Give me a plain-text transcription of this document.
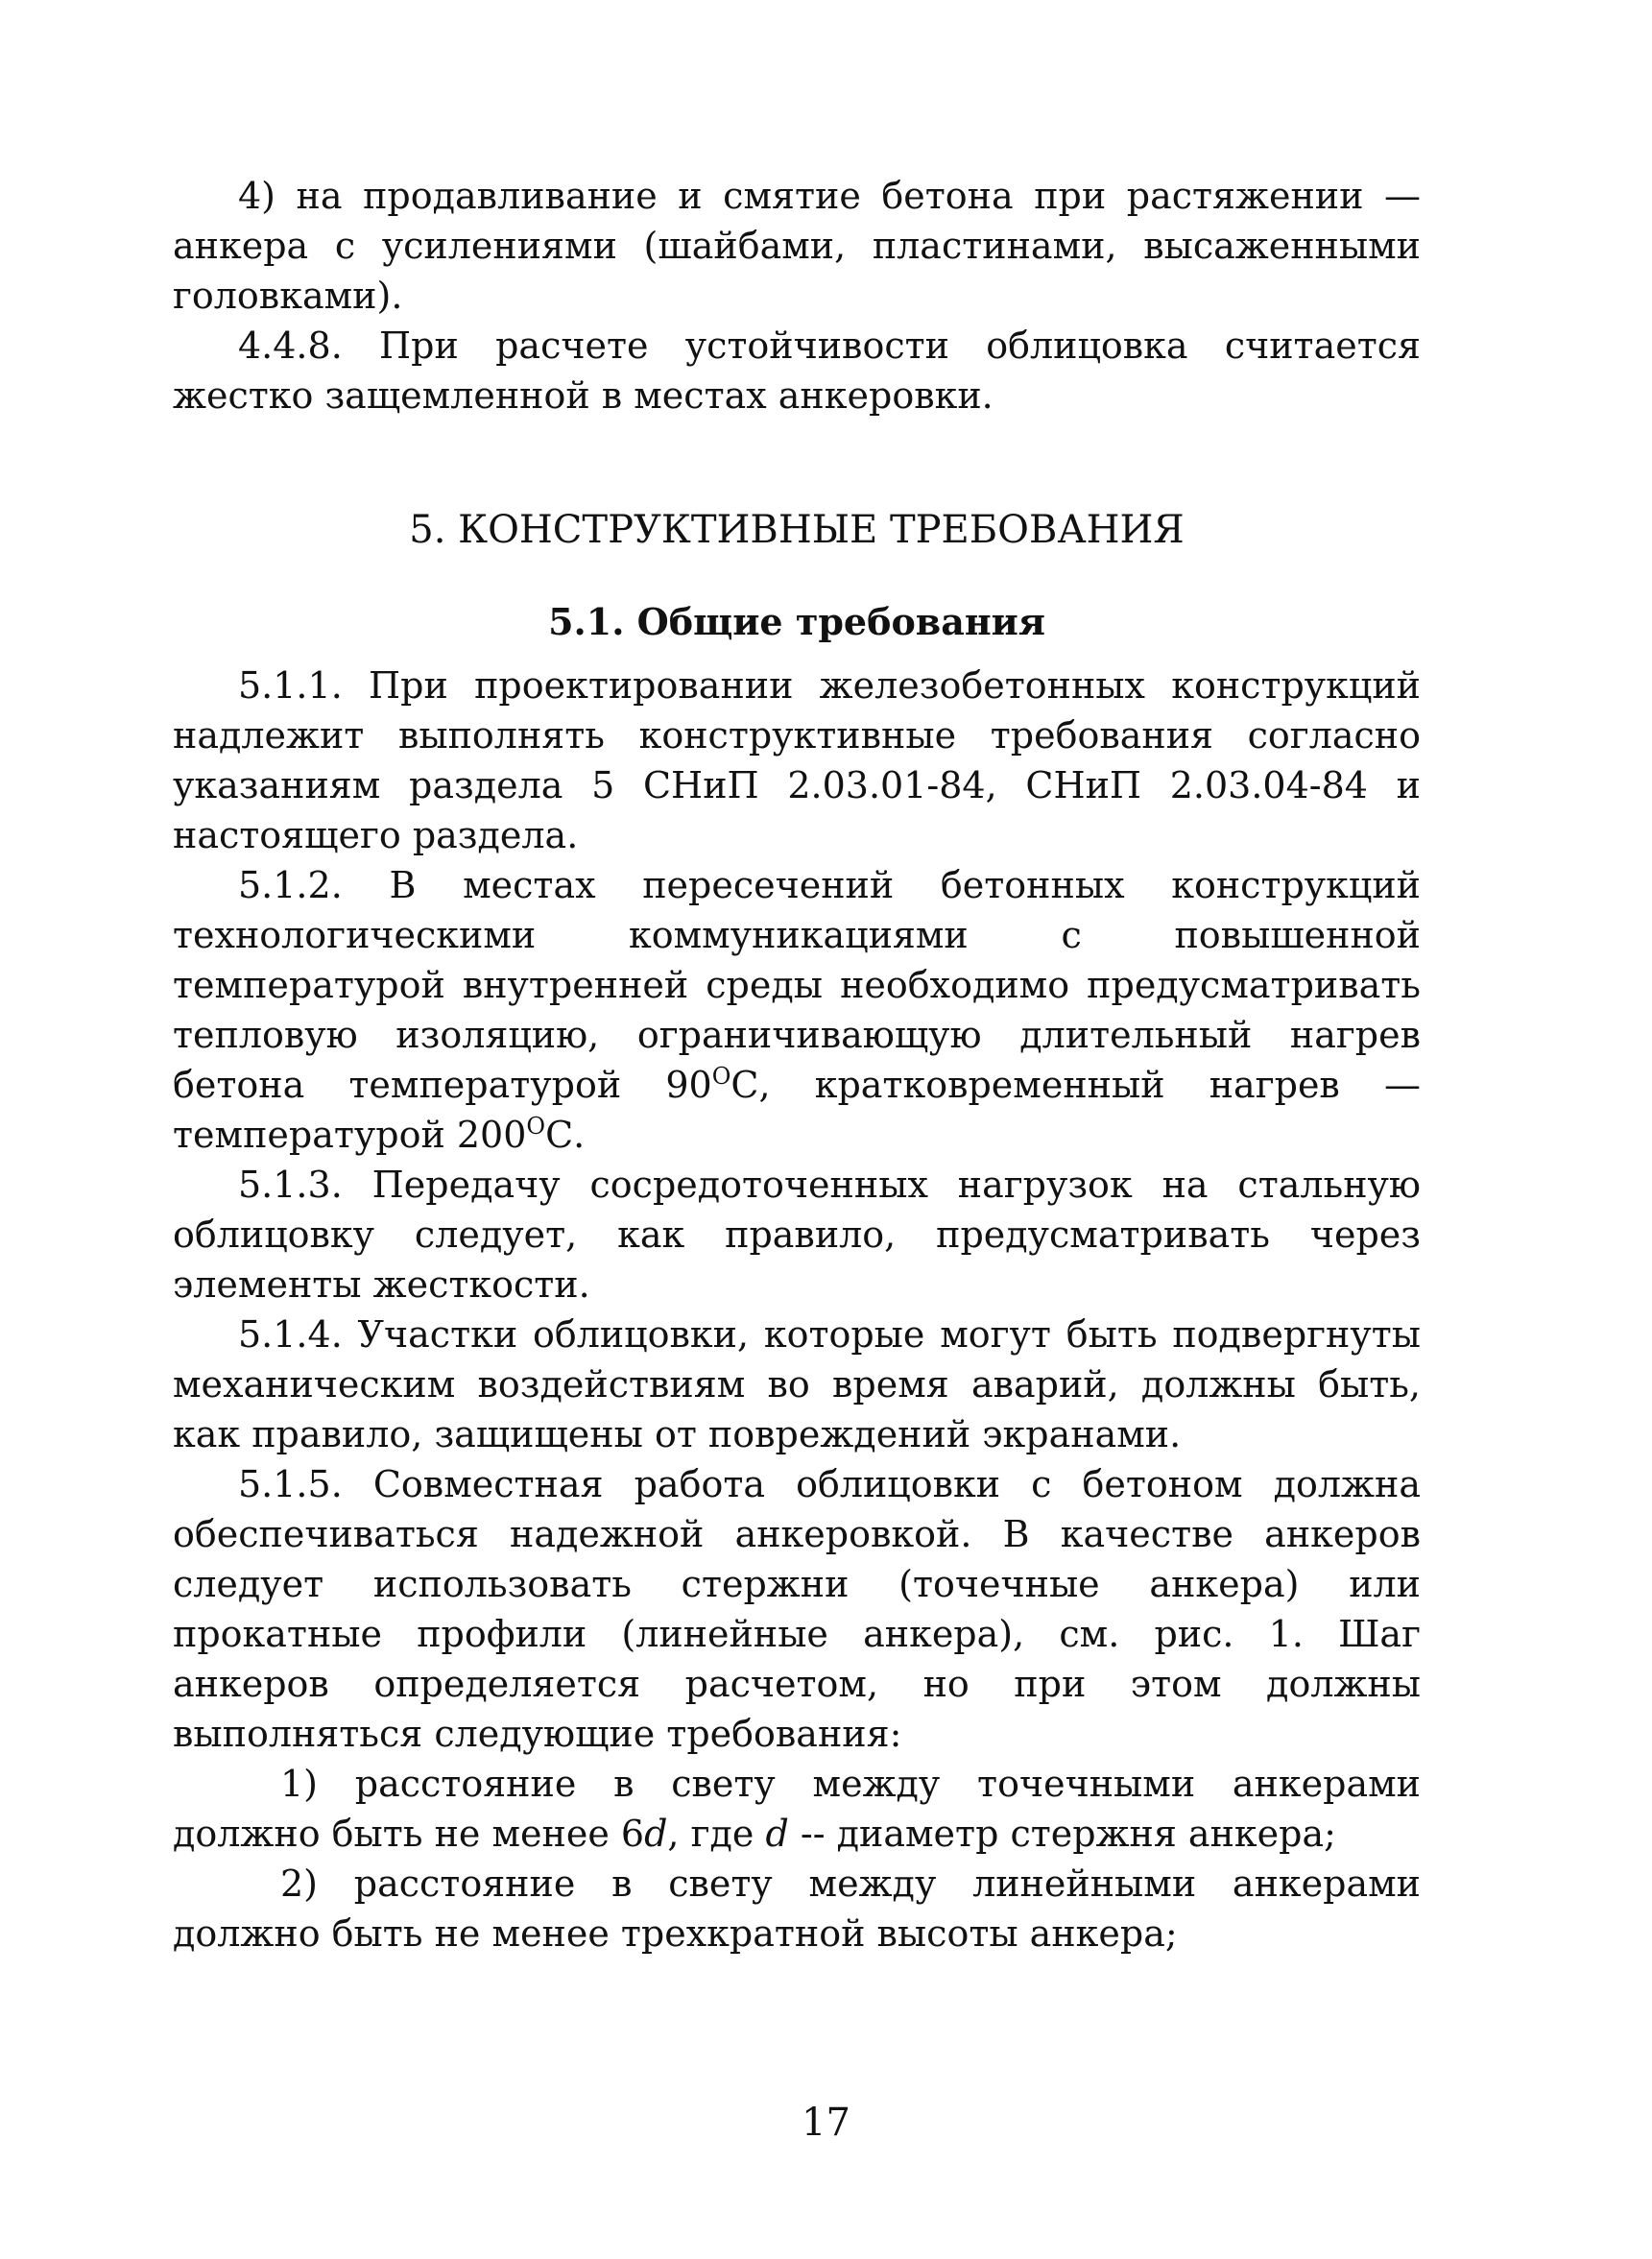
4) на продавливание и смятие бетона при растяжении — анкера с усилениями (шайбами, пластинами, высаженными головками).

4.4.8. При расчете устойчивости облицовка считается жестко защемленной в местах анкеровки.

5. КОНСТРУКТИВНЫЕ ТРЕБОВАНИЯ
5.1. Общие требования

5.1.1. При проектировании железобетонных конструкций надлежит выполнять конструктивные требования согласно указаниям раздела 5 СНиП 2.03.01-84, СНиП 2.03.04-84 и настоящего раздела.

5.1.2. В местах пересечений бетонных конструкций технологическими коммуникациями с повышенной температурой внутренней среды необходимо предусматривать тепловую изоляцию, ограничивающую длительный нагрев бетона температурой $90^ОС$, кратковременный нагрев — температурой $200^ОС$.

5.1.3. Передачу сосредоточенных нагрузок на стальную облицовку следует, как правило, предусматривать через элементы жесткости.

5.1.4. Участки облицовки, которые могут быть подвергнуты механическим воздействиям во время аварий, должны быть, как правило, защищены от повреждений экранами.

5.1.5. Совместная работа облицовки с бетоном должна обеспечиваться надежной анкеровкой. В качестве анкеров следует использовать стержни (точечные анкера) или прокатные профили (линейные анкера), см. рис. 1. Шаг анкеров определяется расчетом, но при этом должны выполняться следующие требования:

1) расстояние в свету между точечными анкерами должно быть не менее 6d, где d -- диаметр стержня анкера;

2) расстояние в свету между линейными анкерами должно быть не менее трехкратной высоты анкера;

17
